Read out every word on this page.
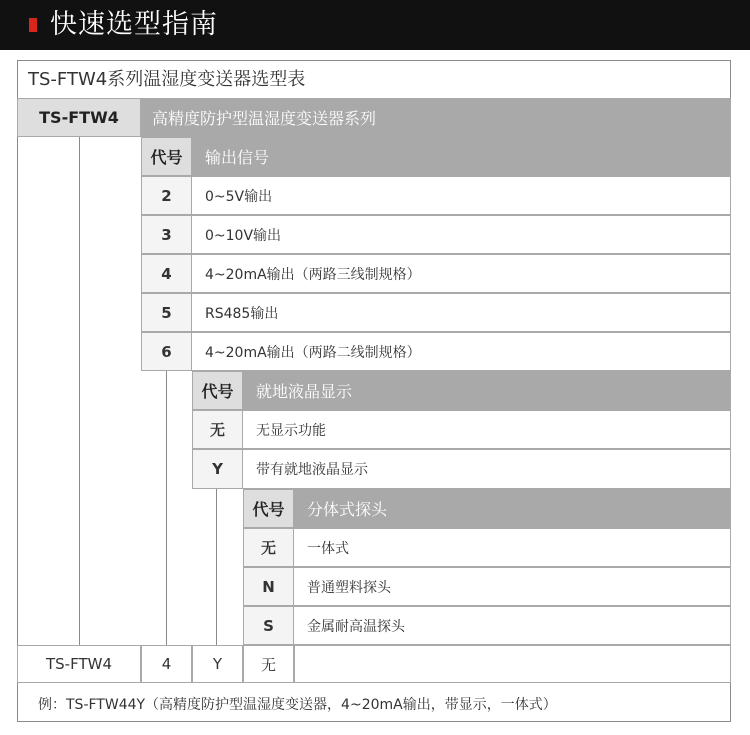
快速选型指南
TS-FTW4系列温湿度变送器选型表
TS-FTW4	高精度防护型温湿度变送器系列
代号	输出信号
2	0~5V输出
3	0~10V输出
4	4~20mA输出（两路三线制规格）
5	RS485输出
6	4~20mA输出（两路二线制规格）
代号	就地液晶显示
无	无显示功能
Y	带有就地液晶显示
代号	分体式探头
无	一体式
N	普通塑料探头
S	金属耐高温探头
TS-FTW4	4	Y	无
例：TS-FTW44Y（高精度防护型温湿度变送器，4~20mA输出，带显示，一体式）
